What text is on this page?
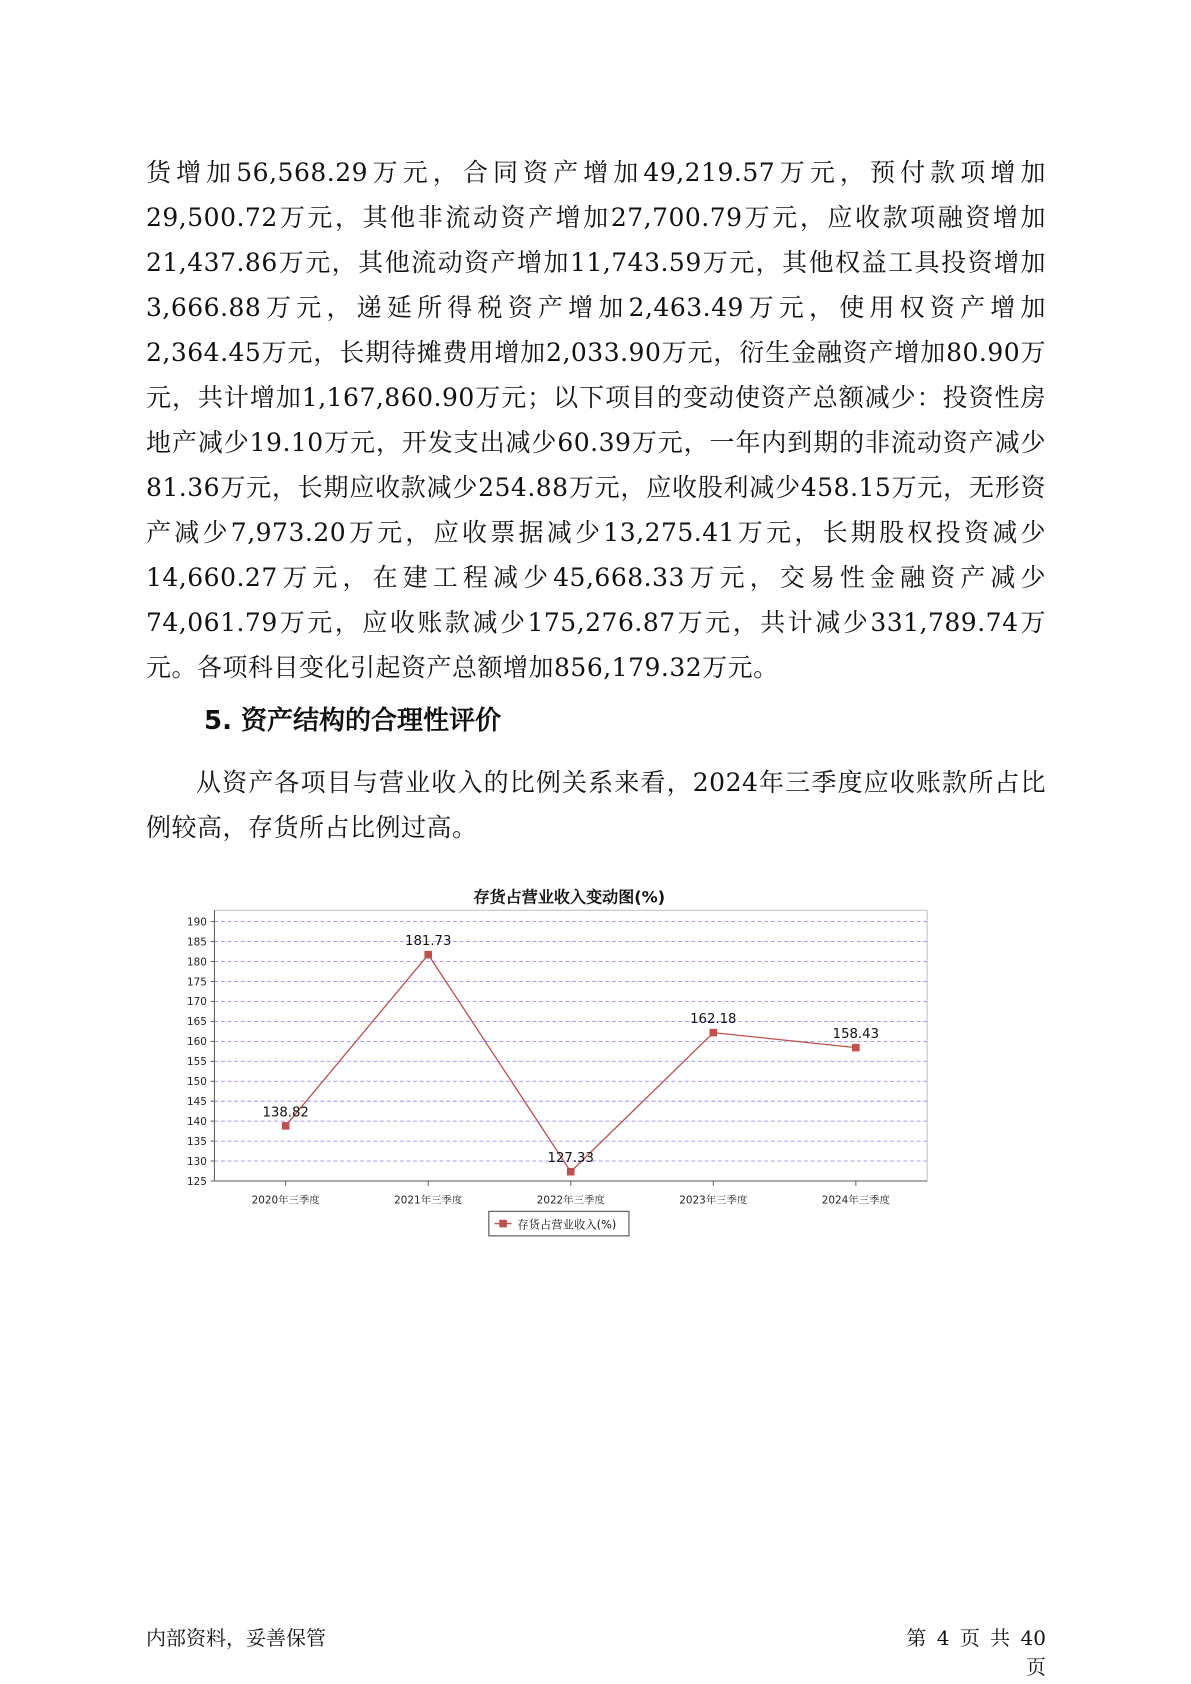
货增加56,568.29万元，合同资产增加49,219.57万元，预付款项增加29,500.72万元，其他非流动资产增加27,700.79万元，应收款项融资增加21,437.86万元，其他流动资产增加11,743.59万元，其他权益工具投资增加3,666.88万元，递延所得税资产增加2,463.49万元，使用权资产增加2,364.45万元，长期待摊费用增加2,033.90万元，衍生金融资产增加80.90万元，共计增加1,167,860.90万元；以下项目的变动使资产总额减少：投资性房地产减少19.10万元，开发支出减少60.39万元，一年内到期的非流动资产减少81.36万元，长期应收款减少254.88万元，应收股利减少458.15万元，无形资产减少7,973.20万元，应收票据减少13,275.41万元，长期股权投资减少14,660.27万元，在建工程减少45,668.33万元，交易性金融资产减少74,061.79万元，应收账款减少175,276.87万元，共计减少331,789.74万元。各项科目变化引起资产总额增加856,179.32万元。

5. 资产结构的合理性评价

从资产各项目与营业收入的比例关系来看，2024年三季度应收账款所占比例较高，存货所占比例过高。

存货占营业收入变动图(%)
125
130
135
140
145
150
155
160
165
170
175
180
185
190
2020年三季度	2021年三季度	2022年三季度	2023年三季度	2024年三季度
138.82
181.73
127.33
162.18
158.43
存货占营业收入(%)
内部资料，妥善保管	第 4 页 共 40 页
